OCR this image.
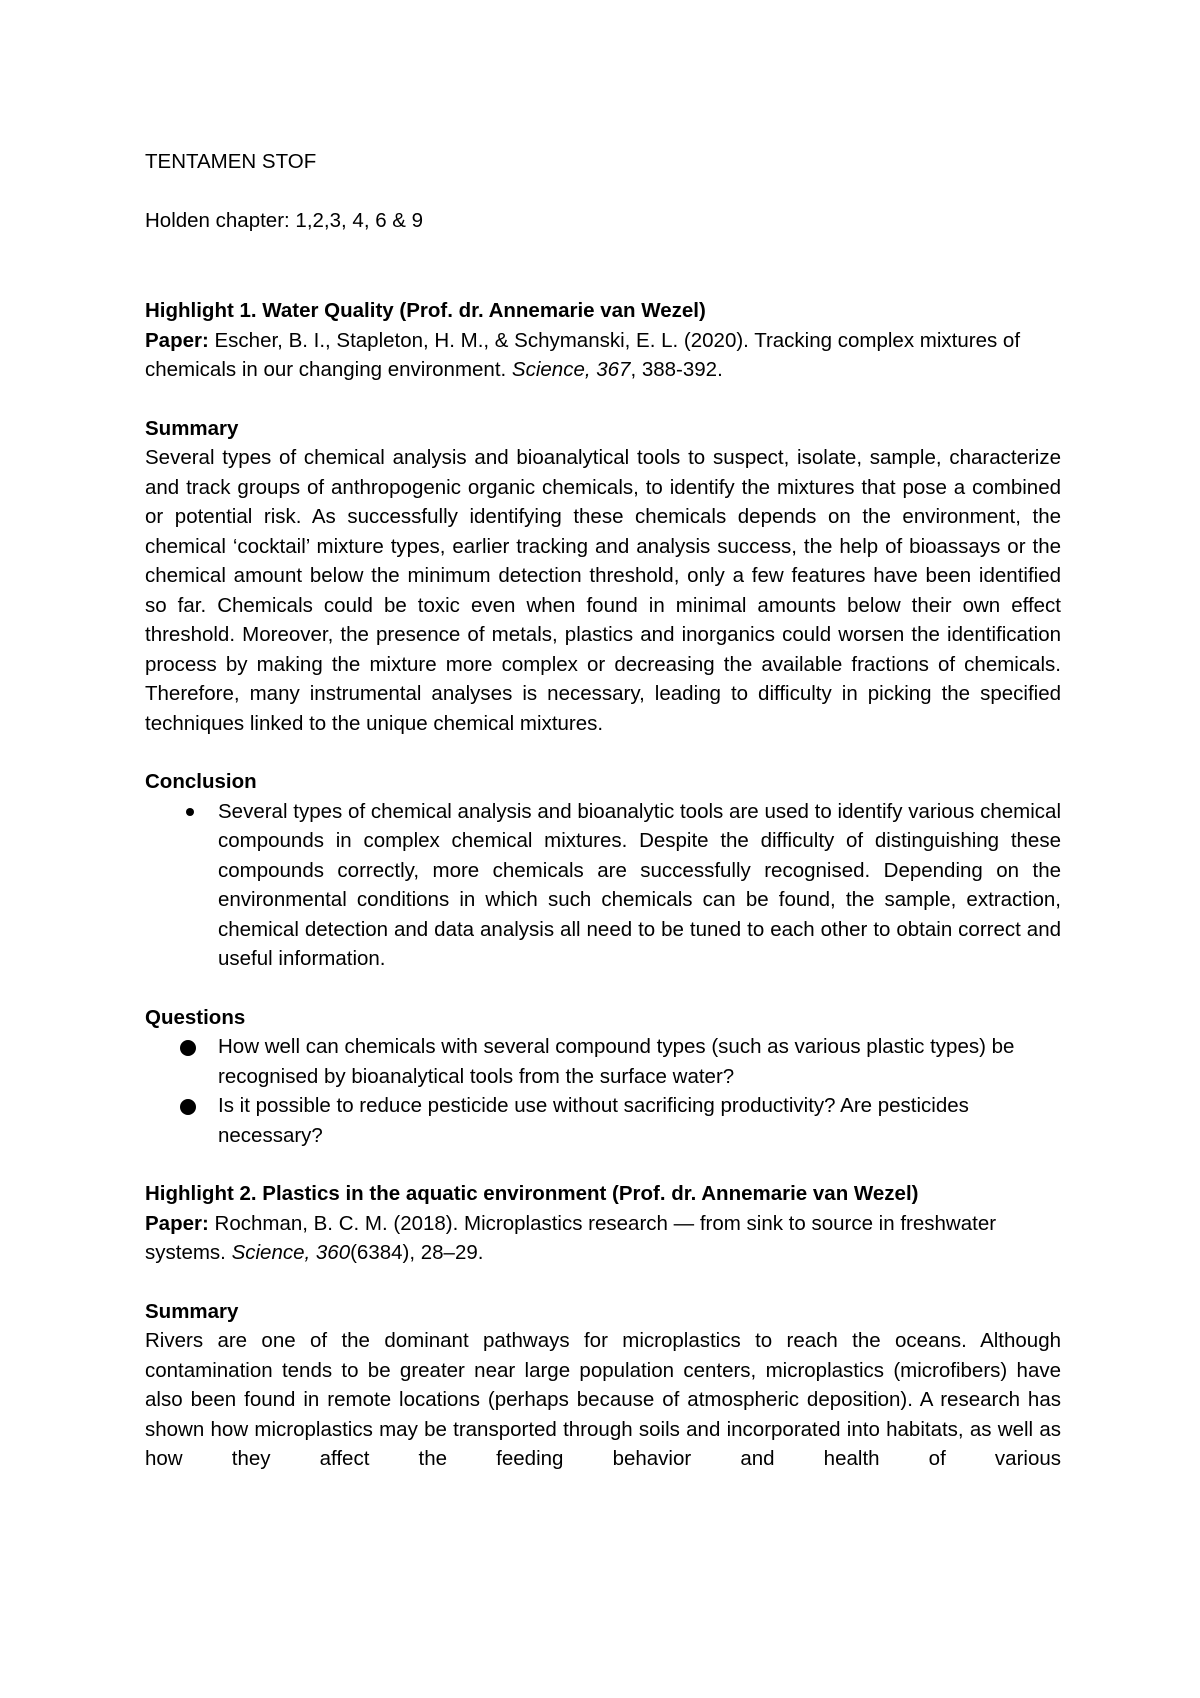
TENTAMEN STOF

Holden chapter: 1,2,3, 4, 6 & 9

Highlight 1. Water Quality (Prof. dr. Annemarie van Wezel)

Paper: Escher, B. I., Stapleton, H. M., & Schymanski, E. L. (2020). Tracking complex mixtures of chemicals in our changing environment. Science, 367, 388-392.

Summary

Several types of chemical analysis and bioanalytical tools to suspect, isolate, sample, characterize and track groups of anthropogenic organic chemicals, to identify the mixtures that pose a combined or potential risk. As successfully identifying these chemicals depends on the environment, the chemical ‘cocktail’ mixture types, earlier tracking and analysis success, the help of bioassays or the chemical amount below the minimum detection threshold, only a few features have been identified so far. Chemicals could be toxic even when found in minimal amounts below their own effect threshold. Moreover, the presence of metals, plastics and inorganics could worsen the identification process by making the mixture more complex or decreasing the available fractions of chemicals. Therefore, many instrumental analyses is necessary, leading to difficulty in picking the specified techniques linked to the unique chemical mixtures.

Conclusion

Several types of chemical analysis and bioanalytic tools are used to identify various chemical compounds in complex chemical mixtures. Despite the difficulty of distinguishing these compounds correctly, more chemicals are successfully recognised. Depending on the environmental conditions in which such chemicals can be found, the sample, extraction, chemical detection and data analysis all need to be tuned to each other to obtain correct and useful information.

Questions

How well can chemicals with several compound types (such as various plastic types) be recognised by bioanalytical tools from the surface water?
Is it possible to reduce pesticide use without sacrificing productivity? Are pesticides necessary?

Highlight 2. Plastics in the aquatic environment (Prof. dr. Annemarie van Wezel)

Paper: Rochman, B. C. M. (2018). Microplastics research — from sink to source in freshwater systems. Science, 360(6384), 28–29.

Summary

Rivers are one of the dominant pathways for microplastics to reach the oceans. Although contamination tends to be greater near large population centers, microplastics (microfibers) have also been found in remote locations (perhaps because of atmospheric deposition). A research has shown how microplastics may be transported through soils and incorporated into habitats, as well as how they affect the feeding behavior and health of various
